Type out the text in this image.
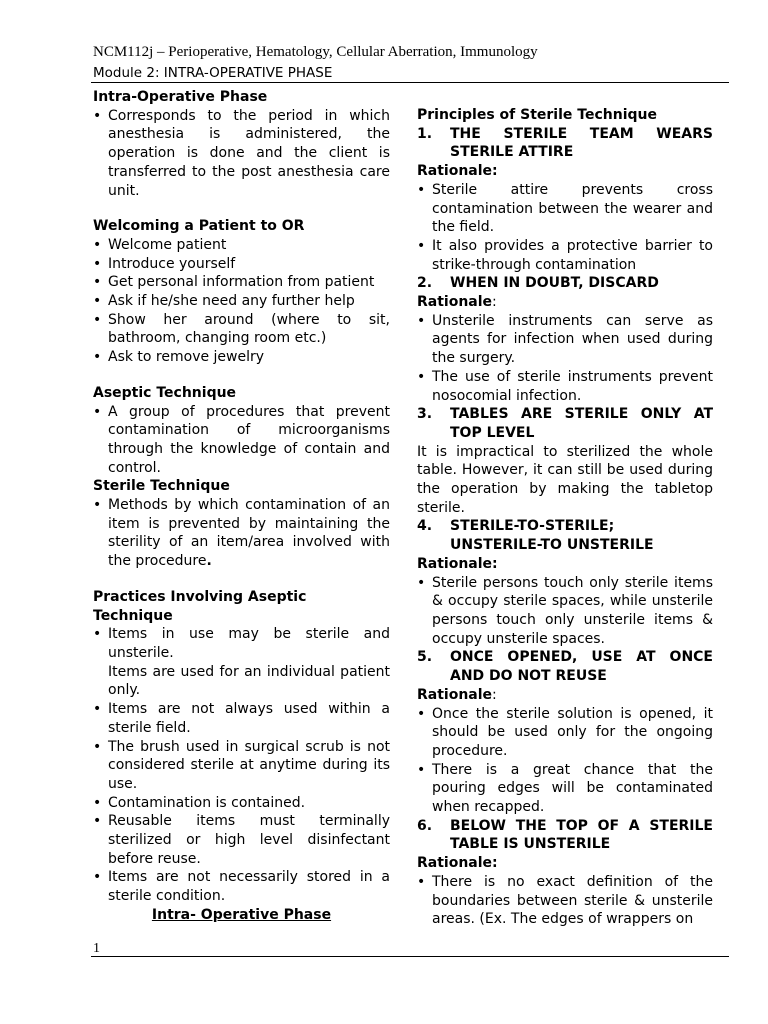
NCM112j – Perioperative, Hematology, Cellular Aberration, Immunology
Module 2: INTRA-OPERATIVE PHASE
Intra-Operative Phase
• Corresponds to the period in which anesthesia is administered, the operation is done and the client is transferred to the post anesthesia care unit.
Welcoming a Patient to OR
• Welcome patient
• Introduce yourself
• Get personal information from patient
• Ask if he/she need any further help
• Show her around (where to sit, bathroom, changing room etc.)
• Ask to remove jewelry
Aseptic Technique
• A group of procedures that prevent contamination of microorganisms through the knowledge of contain and control.
Sterile Technique
• Methods by which contamination of an item is prevented by maintaining the sterility of an item/area involved with the procedure.
Practices Involving Aseptic Technique
• Items in use may be sterile and unsterile.
Items are used for an individual patient only.
• Items are not always used within a sterile field.
• The brush used in surgical scrub is not considered sterile at anytime during its use.
• Contamination is contained.
• Reusable items must terminally sterilized or high level disinfectant before reuse.
• Items are not necessarily stored in a sterile condition.
Intra- Operative Phase
Principles of Sterile Technique
1.	THE STERILE TEAM WEARS STERILE ATTIRE
Rationale:
• Sterile attire prevents cross contamination between the wearer and the field.
• It also provides a protective barrier to strike-through contamination
2.	WHEN IN DOUBT, DISCARD
Rationale:
• Unsterile instruments can serve as agents for infection when used during the surgery.
• The use of sterile instruments prevent nosocomial infection.
3.	TABLES ARE STERILE ONLY AT TOP LEVEL
It is impractical to sterilized the whole table. However, it can still be used during the operation by making the tabletop sterile.
4.	STERILE-TO-STERILE;
UNSTERILE-TO UNSTERILE
Rationale:
• Sterile persons touch only sterile items & occupy sterile spaces, while unsterile persons touch only unsterile items & occupy unsterile spaces.
5.	ONCE OPENED, USE AT ONCE AND DO NOT REUSE
Rationale:
• Once the sterile solution is opened, it should be used only for the ongoing procedure.
• There is a great chance that the pouring edges will be contaminated when recapped.
6.	BELOW THE TOP OF A STERILE TABLE IS UNSTERILE
Rationale:
• There is no exact definition of the boundaries between sterile & unsterile areas. (Ex. The edges of wrappers on
1
